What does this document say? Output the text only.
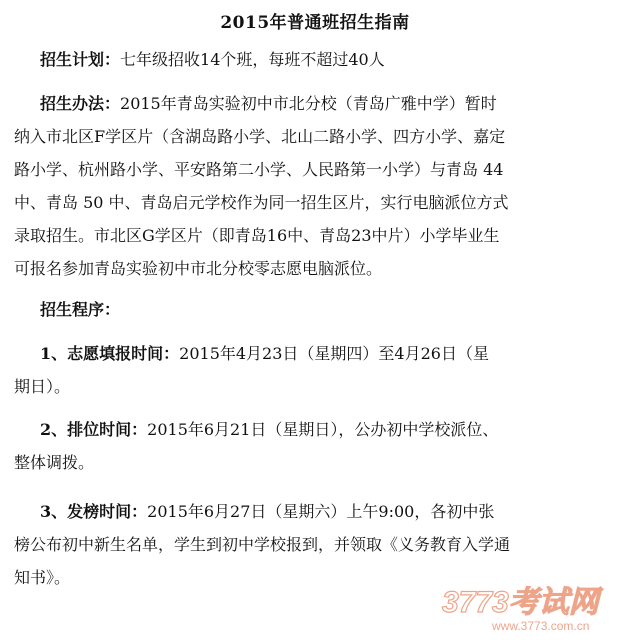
2015年普通班招生指南
招生计划：七年级招收14个班，每班不超过40人
招生办法：2015年青岛实验初中市北分校（青岛广雅中学）暂时
纳入市北区F学区片（含湖岛路小学、北山二路小学、四方小学、嘉定
路小学、杭州路小学、平安路第二小学、人民路第一小学）与青岛 44
中、青岛 50 中、青岛启元学校作为同一招生区片，实行电脑派位方式
录取招生。市北区G学区片（即青岛16中、青岛23中片）小学毕业生
可报名参加青岛实验初中市北分校零志愿电脑派位。
招生程序：
1、志愿填报时间：2015年4月23日（星期四）至4月26日（星
期日）。
2、排位时间：2015年6月21日（星期日），公办初中学校派位、
整体调拨。
3、发榜时间：2015年6月27日（星期六）上午9:00，各初中张
榜公布初中新生名单，学生到初中学校报到，并领取《义务教育入学通
知书》。
3773考试网
www.3773.com.cn
